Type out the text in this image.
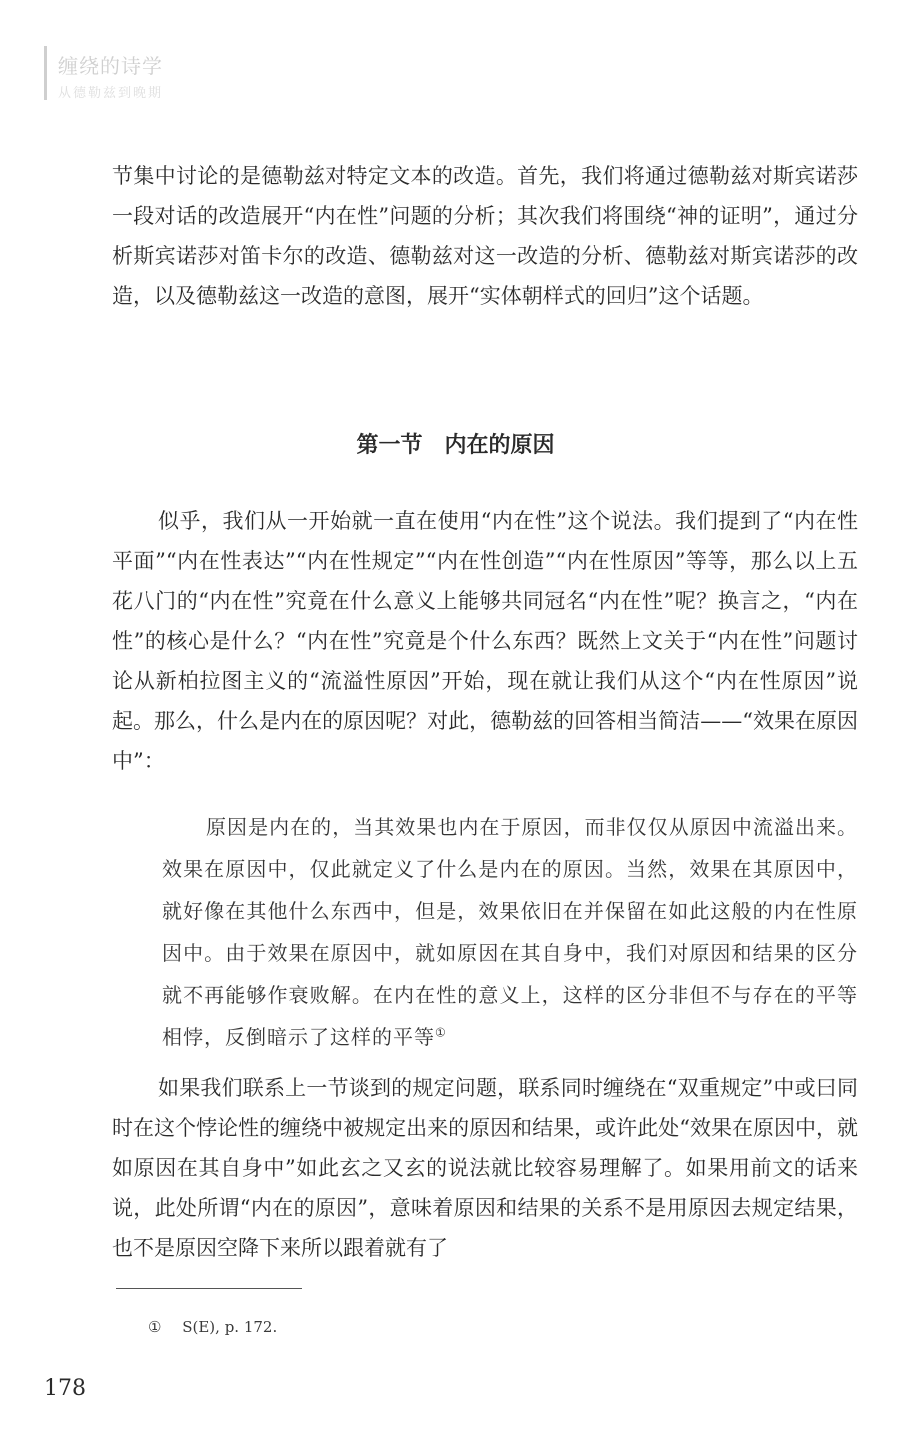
缠绕的诗学
从德勒兹到晚期

节集中讨论的是德勒兹对特定文本的改造。首先，我们将通过德勒兹对斯宾诺莎一段对话的改造展开“内在性”问题的分析；其次我们将围绕“神的证明”，通过分析斯宾诺莎对笛卡尔的改造、德勒兹对这一改造的分析、德勒兹对斯宾诺莎的改造，以及德勒兹这一改造的意图，展开“实体朝样式的回归”这个话题。

第一节　内在的原因

似乎，我们从一开始就一直在使用“内在性”这个说法。我们提到了“内在性平面”“内在性表达”“内在性规定”“内在性创造”“内在性原因”等等，那么以上五花八门的“内在性”究竟在什么意义上能够共同冠名“内在性”呢？换言之，“内在性”的核心是什么？“内在性”究竟是个什么东西？既然上文关于“内在性”问题讨论从新柏拉图主义的“流溢性原因”开始，现在就让我们从这个“内在性原因”说起。那么，什么是内在的原因呢？对此，德勒兹的回答相当简洁——“效果在原因中”：

原因是内在的，当其效果也内在于原因，而非仅仅从原因中流溢出来。效果在原因中，仅此就定义了什么是内在的原因。当然，效果在其原因中，就好像在其他什么东西中，但是，效果依旧在并保留在如此这般的内在性原因中。由于效果在原因中，就如原因在其自身中，我们对原因和结果的区分就不再能够作衰败解。在内在性的意义上，这样的区分非但不与存在的平等相悖，反倒暗示了这样的平等①

如果我们联系上一节谈到的规定问题，联系同时缠绕在“双重规定”中或曰同时在这个悖论性的缠绕中被规定出来的原因和结果，或许此处“效果在原因中，就如原因在其自身中”如此玄之又玄的说法就比较容易理解了。如果用前文的话来说，此处所谓“内在的原因”，意味着原因和结果的关系不是用原因去规定结果，也不是原因空降下来所以跟着就有了

① S(E), p. 172.
178
